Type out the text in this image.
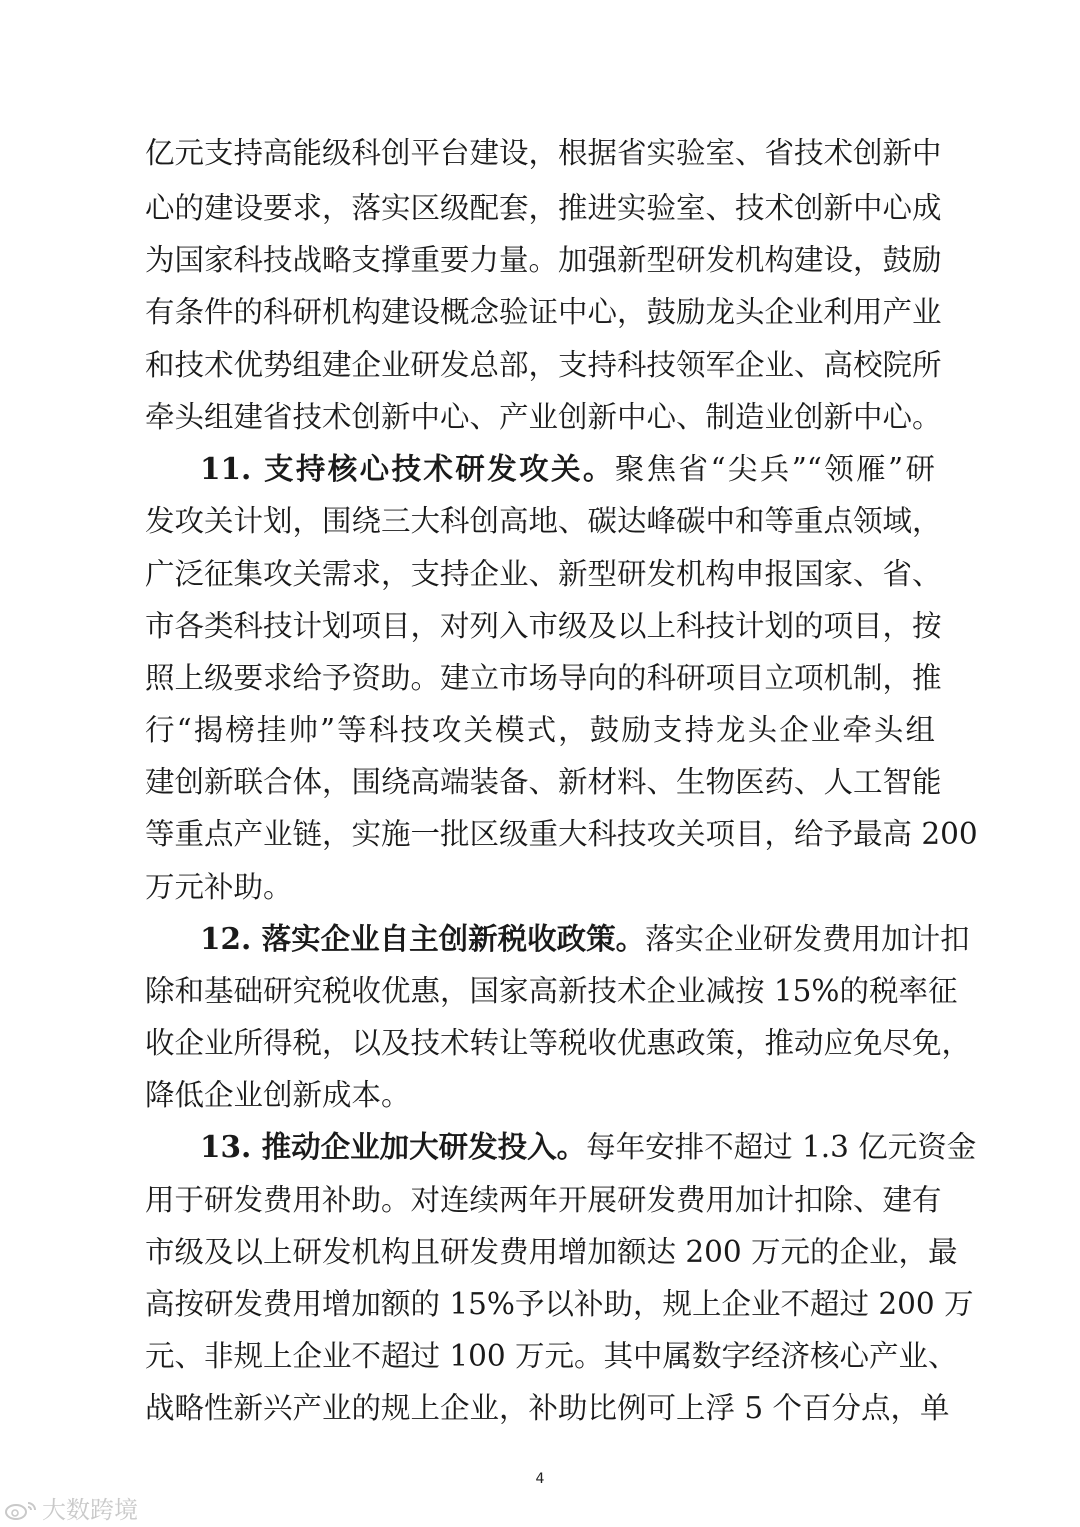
亿元支持高能级科创平台建设，根据省实验室、省技术创新中
心的建设要求，落实区级配套，推进实验室、技术创新中心成
为国家科技战略支撑重要力量。加强新型研发机构建设，鼓励
有条件的科研机构建设概念验证中心，鼓励龙头企业利用产业
和技术优势组建企业研发总部，支持科技领军企业、高校院所
牵头组建省技术创新中心、产业创新中心、制造业创新中心。
11. 支持核心技术研发攻关。聚焦省“尖兵”“领雁”研
发攻关计划，围绕三大科创高地、碳达峰碳中和等重点领域，
广泛征集攻关需求，支持企业、新型研发机构申报国家、省、
市各类科技计划项目，对列入市级及以上科技计划的项目，按
照上级要求给予资助。建立市场导向的科研项目立项机制，推
行“揭榜挂帅”等科技攻关模式，鼓励支持龙头企业牵头组
建创新联合体，围绕高端装备、新材料、生物医药、人工智能
等重点产业链，实施一批区级重大科技攻关项目，给予最高 200
万元补助。
12. 落实企业自主创新税收政策。落实企业研发费用加计扣
除和基础研究税收优惠，国家高新技术企业减按 15%的税率征
收企业所得税，以及技术转让等税收优惠政策，推动应免尽免，
降低企业创新成本。
13. 推动企业加大研发投入。每年安排不超过 1.3 亿元资金
用于研发费用补助。对连续两年开展研发费用加计扣除、建有
市级及以上研发机构且研发费用增加额达 200 万元的企业，最
高按研发费用增加额的 15%予以补助，规上企业不超过 200 万
元、非规上企业不超过 100 万元。其中属数字经济核心产业、
战略性新兴产业的规上企业，补助比例可上浮 5 个百分点，单
4
大数跨境
